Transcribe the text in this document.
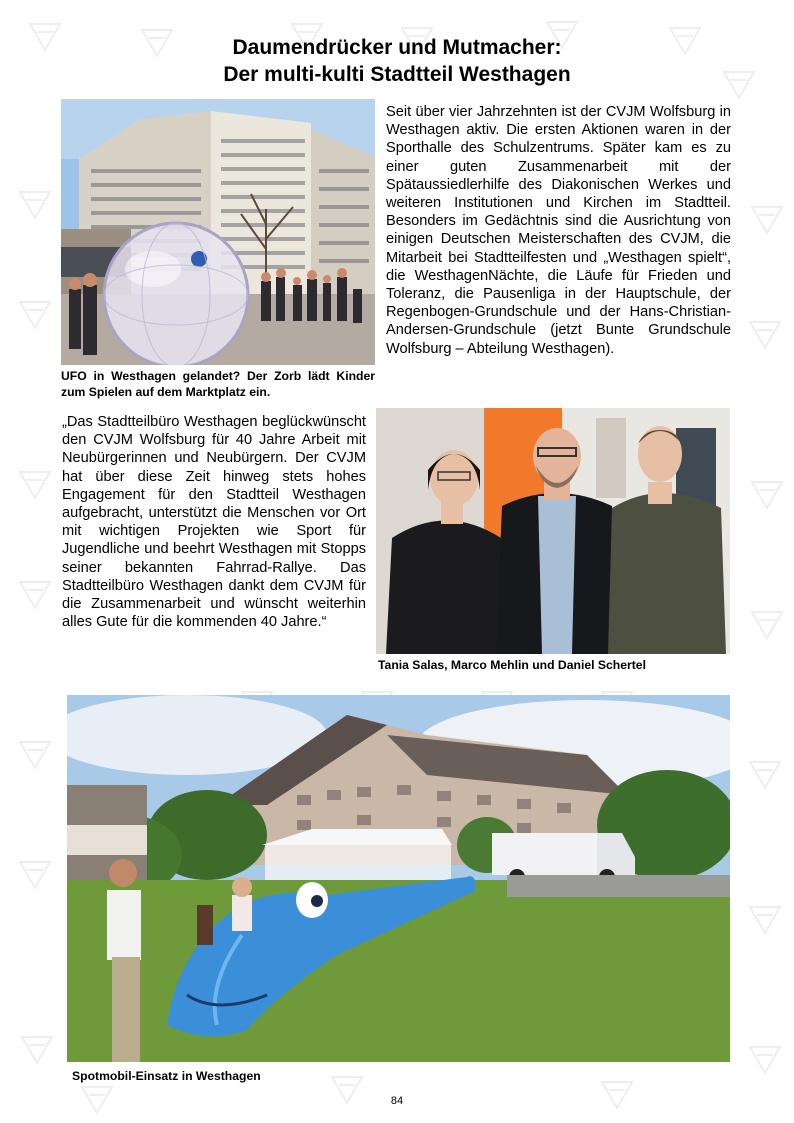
Daumendrücker und Mutmacher:
Der multi-kulti Stadtteil Westhagen
UFO in Westhagen gelandet? Der Zorb lädt Kinder zum Spielen auf dem Marktplatz ein.

Seit über vier Jahrzehnten ist der CVJM Wolfsburg in Westhagen aktiv. Die ersten Aktionen waren in der Sporthalle des Schulzentrums. Später kam es zu einer guten Zusammenarbeit mit der Spätaussiedlerhilfe des Diakonischen Werkes und weiteren Institutionen und Kirchen im Stadtteil. Besonders im Gedächtnis sind die Ausrichtung von einigen Deutschen Meisterschaften des CVJM, die Mitarbeit bei Stadtteilfesten und „Westhagen spielt“, die WesthagenNächte, die Läufe für Frieden und Toleranz, die Pausenliga in der Hauptschule, der Regenbogen-Grundschule und der Hans-Christian-Andersen-Grundschule (jetzt Bunte Grundschule Wolfsburg – Abteilung Westhagen).

„Das Stadtteilbüro Westhagen beglückwünscht den CVJM Wolfsburg für 40 Jahre Arbeit mit Neubürgerinnen und Neubürgern. Der CVJM hat über diese Zeit hinweg stets hohes Engagement für den Stadtteil Westhagen aufgebracht, unterstützt die Menschen vor Ort mit wichtigen Projekten wie Sport für Jugendliche und beehrt Westhagen mit Stopps seiner bekannten Fahrrad-Rallye. Das Stadtteilbüro Westhagen dankt dem CVJM für die Zusammenarbeit und wünscht weiterhin alles Gute für die kommenden 40 Jahre.“

Tania Salas, Marco Mehlin und Daniel Schertel
Spotmobil-Einsatz in Westhagen
84
